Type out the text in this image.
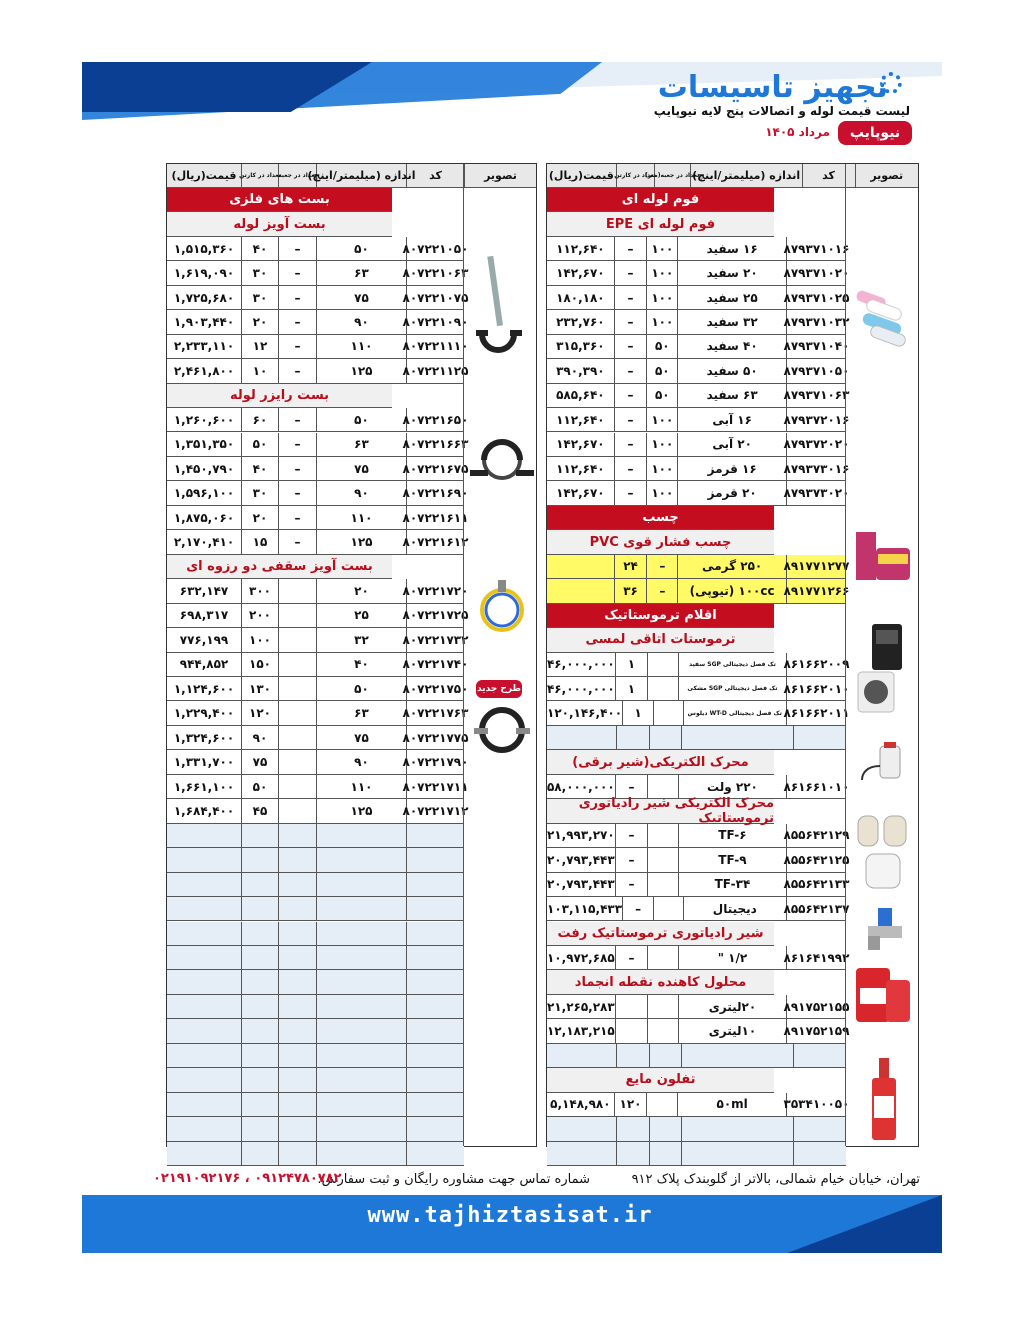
تجهیز تاسیسات
لیست قیمت لوله و اتصالات پنج لایه نیوپایپ
نیوپایپ
مرداد ۱۴۰۵
تصویر
کد
اندازه (میلیمتر/اینچ)
تعداد در جعبه(متر)
تعداد در کارتن
قیمت(ریال)
فوم لوله ای
فوم لوله ای EPE
۸۷۹۳۷۱۰۱۶
۱۶ سفید
۱۰۰
–
۱۱۲,۶۴۰
۸۷۹۳۷۱۰۲۰
۲۰ سفید
۱۰۰
–
۱۴۲,۶۷۰
۸۷۹۳۷۱۰۲۵
۲۵ سفید
۱۰۰
–
۱۸۰,۱۸۰
۸۷۹۳۷۱۰۳۲
۳۲ سفید
۱۰۰
–
۲۳۲,۷۶۰
۸۷۹۳۷۱۰۴۰
۴۰ سفید
۵۰
–
۳۱۵,۳۶۰
۸۷۹۳۷۱۰۵۰
۵۰ سفید
۵۰
–
۳۹۰,۳۹۰
۸۷۹۳۷۱۰۶۳
۶۳ سفید
۵۰
–
۵۸۵,۶۴۰
۸۷۹۳۷۲۰۱۶
۱۶ آبی
۱۰۰
–
۱۱۲,۶۴۰
۸۷۹۳۷۲۰۲۰
۲۰ آبی
۱۰۰
–
۱۴۲,۶۷۰
۸۷۹۳۷۳۰۱۶
۱۶ قرمز
۱۰۰
–
۱۱۲,۶۴۰
۸۷۹۳۷۳۰۲۰
۲۰ قرمز
۱۰۰
–
۱۴۲,۶۷۰
چسب
چسب فشار قوی PVC
۸۹۱۷۷۱۲۷۷
۲۵۰ گرمی
–
۲۴
۸۹۱۷۷۱۲۶۶
۱۰۰cc (تیوپی)
–
۳۶
اقلام ترموستاتیک
ترموستات اتاقی لمسی
۸۶۱۶۶۲۰۰۹
تک فصل دیجیتالی SGP سفید
۱
۴۶,۰۰۰,۰۰۰
۸۶۱۶۶۲۰۱۰
تک فصل دیجیتالی SGP مشکی
۱
۴۶,۰۰۰,۰۰۰
۸۶۱۶۶۲۰۱۱
تک فصل دیجیتالی WT-D دیلوس
۱
۱۲۰,۱۴۶,۴۰۰
محرک الکتریکی(شیر برقی)
۸۶۱۶۶۱۰۱۰
۲۲۰ ولت
–
۵۸,۰۰۰,۰۰۰
محرک الکتریکی شیر رادیاتوری ترموستاتیک
۸۵۵۶۴۲۱۲۹
TF-۶
–
۲۱,۹۹۳,۲۷۰
۸۵۵۶۴۲۱۲۵
TF-۹
–
۲۰,۷۹۳,۴۴۳
۸۵۵۶۴۲۱۳۳
TF-۳۴
–
۲۰,۷۹۳,۴۴۳
۸۵۵۶۴۲۱۳۷
دیجیتال
–
۱۰۳,۱۱۵,۴۳۳
شیر رادیاتوری ترموستاتیک رفت
۸۶۱۶۴۱۹۹۲
۱/۲ "
–
۱۰,۹۷۲,۶۸۵
محلول کاهنده نقطه انجماد
۸۹۱۷۵۲۱۵۵
۲۰لیتری
۲۱,۲۶۵,۲۸۳
۸۹۱۷۵۲۱۵۹
۱۰لیتری
۱۲,۱۸۳,۲۱۵
تفلون مایع
۳۵۳۴۱۰۰۵۰
۵۰ml
۱۲۰
۵,۱۴۸,۹۸۰
تصویر
کد
اندازه (میلیمتر/اینچ)
تعداد در جعبه
تعداد در کارتن
قیمت(ریال)
بست های فلزی
بست آویز لوله
۸۰۷۲۲۱۰۵۰
۵۰
–
۴۰
۱,۵۱۵,۳۶۰
۸۰۷۲۲۱۰۶۳
۶۳
–
۳۰
۱,۶۱۹,۰۹۰
۸۰۷۲۲۱۰۷۵
۷۵
–
۳۰
۱,۷۲۵,۶۸۰
۸۰۷۲۲۱۰۹۰
۹۰
–
۲۰
۱,۹۰۳,۴۴۰
۸۰۷۲۲۱۱۱۰
۱۱۰
–
۱۲
۲,۲۳۳,۱۱۰
۸۰۷۲۲۱۱۲۵
۱۲۵
–
۱۰
۲,۴۶۱,۸۰۰
بست رایزر لوله
۸۰۷۲۲۱۶۵۰
۵۰
–
۶۰
۱,۲۶۰,۶۰۰
۸۰۷۲۲۱۶۶۳
۶۳
–
۵۰
۱,۳۵۱,۳۵۰
۸۰۷۲۲۱۶۷۵
۷۵
–
۴۰
۱,۴۵۰,۷۹۰
۸۰۷۲۲۱۶۹۰
۹۰
–
۳۰
۱,۵۹۶,۱۰۰
۸۰۷۲۲۱۶۱۱
۱۱۰
–
۲۰
۱,۸۷۵,۰۶۰
۸۰۷۲۲۱۶۱۲
۱۲۵
–
۱۵
۲,۱۷۰,۴۱۰
بست آویز سقفی دو رزوه ای
۸۰۷۲۲۱۷۲۰
۲۰
۳۰۰
۶۳۲,۱۴۷
۸۰۷۲۲۱۷۲۵
۲۵
۲۰۰
۶۹۸,۳۱۷
۸۰۷۲۲۱۷۳۲
۳۲
۱۰۰
۷۷۶,۱۹۹
۸۰۷۲۲۱۷۴۰
۴۰
۱۵۰
۹۴۴,۸۵۲
۸۰۷۲۲۱۷۵۰
۵۰
۱۳۰
۱,۱۲۴,۶۰۰
۸۰۷۲۲۱۷۶۳
۶۳
۱۲۰
۱,۲۲۹,۴۰۰
۸۰۷۲۲۱۷۷۵
۷۵
۹۰
۱,۳۲۴,۶۰۰
۸۰۷۲۲۱۷۹۰
۹۰
۷۵
۱,۳۳۱,۷۰۰
۸۰۷۲۲۱۷۱۱
۱۱۰
۵۰
۱,۶۶۱,۱۰۰
۸۰۷۲۲۱۷۱۲
۱۲۵
۴۵
۱,۶۸۴,۴۰۰
طرح جدید
تهران، خیابان خیام شمالی، بالاتر از گلوبندک پلاک ۹۱۲
شماره تماس جهت مشاوره رایگان و ثبت سفارش:
۰۲۱۹۱۰۹۲۱۷۶ ، ۰۹۱۲۴۷۸۰۷۸۲
www.tajhiztasisat.ir
